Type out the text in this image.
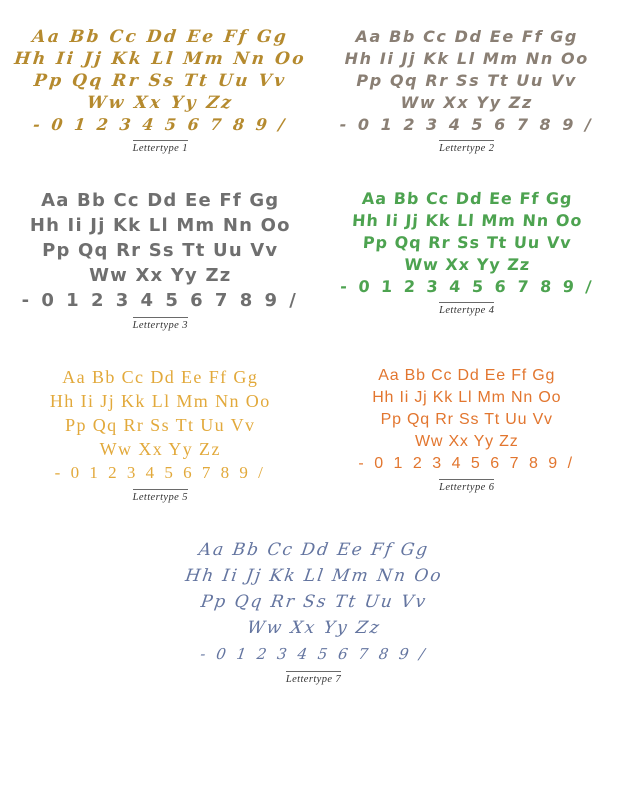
Aa Bb Cc Dd Ee Ff Gg
Hh Ii Jj Kk Ll Mm Nn Oo
Pp Qq Rr Ss Tt Uu Vv
Ww Xx Yy Zz
- 0 1 2 3 4 5 6 7 8 9 /
Lettertype 1
Aa Bb Cc Dd Ee Ff Gg
Hh Ii Jj Kk Ll Mm Nn Oo
Pp Qq Rr Ss Tt Uu Vv
Ww Xx Yy Zz
- 0 1 2 3 4 5 6 7 8 9 /
Lettertype 2
Aa Bb Cc Dd Ee Ff Gg
Hh Ii Jj Kk Ll Mm Nn Oo
Pp Qq Rr Ss Tt Uu Vv
Ww Xx Yy Zz
- 0 1 2 3 4 5 6 7 8 9 /
Lettertype 3
Aa Bb Cc Dd Ee Ff Gg
Hh Ii Jj Kk Ll Mm Nn Oo
Pp Qq Rr Ss Tt Uu Vv
Ww Xx Yy Zz
- 0 1 2 3 4 5 6 7 8 9 /
Lettertype 4
Aa Bb Cc Dd Ee Ff Gg
Hh Ii Jj Kk Ll Mm Nn Oo
Pp Qq Rr Ss Tt Uu Vv
Ww Xx Yy Zz
- 0 1 2 3 4 5 6 7 8 9 /
Lettertype 5
Aa Bb Cc Dd Ee Ff Gg
Hh Ii Jj Kk Ll Mm Nn Oo
Pp Qq Rr Ss Tt Uu Vv
Ww Xx Yy Zz
- 0 1 2 3 4 5 6 7 8 9 /
Lettertype 6
Aa Bb Cc Dd Ee Ff Gg
Hh Ii Jj Kk Ll Mm Nn Oo
Pp Qq Rr Ss Tt Uu Vv
Ww Xx Yy Zz
- 0 1 2 3 4 5 6 7 8 9 /
Lettertype 7
